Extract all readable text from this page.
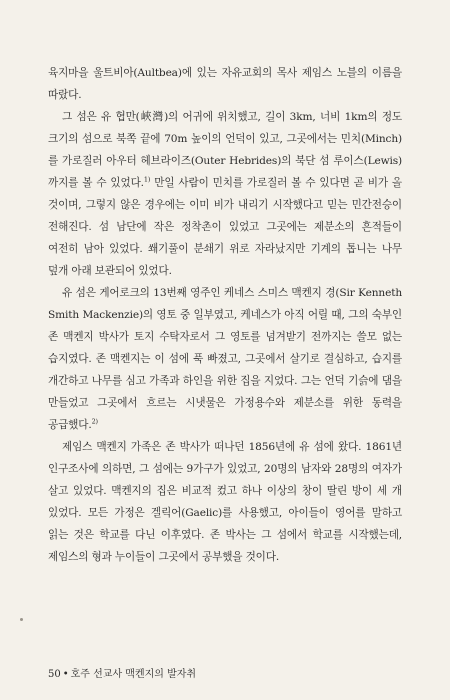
육지마을 울트비아(Aultbea)에 있는 자유교회의 목사 제임스 노블의 이름을 따랐다.

그 섬은 유 협만(峽灣)의 어귀에 위치했고, 길이 3km, 너비 1km의 정도 크기의 섬으로 북쪽 끝에 70m 높이의 언덕이 있고, 그곳에서는 민치(Minch)를 가로질러 아우터 헤브라이즈(Outer Hebrides)의 북단 섬 루이스(Lewis)까지를 볼 수 있었다.$^{1)}$ 만일 사람이 민치를 가로질러 볼 수 있다면 곧 비가 올 것이며, 그렇지 않은 경우에는 이미 비가 내리기 시작했다고 믿는 민간전승이 전해진다. 섬 남단에 작은 정착촌이 있었고 그곳에는 제분소의 흔적들이 여전히 남아 있었다. 쐐기풀이 분쇄기 위로 자라났지만 기계의 톱니는 나무 덮개 아래 보관되어 있었다.

유 섬은 게어로크의 13번째 영주인 케네스 스미스 맥켄지 경(Sir Kenneth Smith Mackenzie)의 영토 중 일부였고, 케네스가 아직 어릴 때, 그의 숙부인 존 맥켄지 박사가 토지 수탁자로서 그 영토를 넘겨받기 전까지는 쓸모 없는 습지였다. 존 맥켄지는 이 섬에 푹 빠졌고, 그곳에서 살기로 결심하고, 습지를 개간하고 나무를 심고 가족과 하인을 위한 집을 지었다. 그는 언덕 기슭에 댐을 만들었고 그곳에서 흐르는 시냇물은 가정용수와 제분소를 위한 동력을 공급했다.$^{2)}$

제임스 맥켄지 가족은 존 박사가 떠나던 1856년에 유 섬에 왔다. 1861년 인구조사에 의하면, 그 섬에는 9가구가 있었고, 20명의 남자와 28명의 여자가 살고 있었다. 맥켄지의 집은 비교적 컸고 하나 이상의 창이 딸린 방이 세 개 있었다. 모든 가정은 겔릭어(Gaelic)를 사용했고, 아이들이 영어를 말하고 읽는 것은 학교를 다닌 이후였다. 존 박사는 그 섬에서 학교를 시작했는데, 제임스의 형과 누이들이 그곳에서 공부했을 것이다.

50 • 호주 선교사 맥켄지의 발자취
